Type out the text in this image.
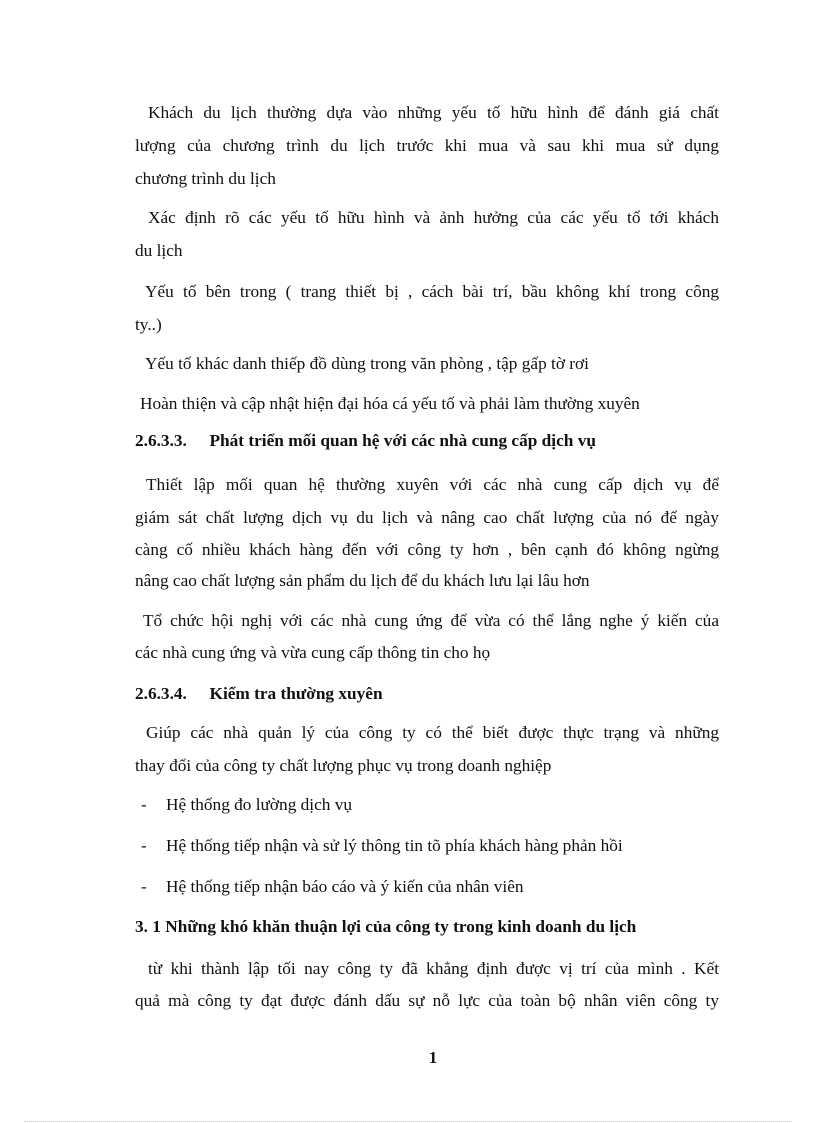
Khách du lịch thường dựa vào những yếu tố hữu hình để đánh giá chất
lượng của chương trình du lịch trước khi mua và sau khi mua sử dụng
chương trình du lịch
Xác định rõ các yếu tố hữu hình và ảnh hưởng của các yếu tố tới khách
du lịch
Yếu tố bên trong ( trang thiết bị , cách bài trí, bầu không khí trong công
ty..)
Yếu tố khác danh thiếp đồ dùng trong văn phòng , tập gấp tờ rơi
Hoàn thiện và cập nhật hiện đại hóa cá yếu tố và phải làm thường xuyên
2.6.3.3. Phát triển mối quan hệ với các nhà cung cấp dịch vụ
Thiết lập mối quan hệ thường xuyên với các nhà cung cấp dịch vụ để
giám sát chất lượng dịch vụ du lịch và nâng cao chất lượng của nó để ngày
càng cố nhiều khách hàng đến với công ty hơn , bên cạnh đó không ngừng
nâng cao chất lượng sản phẩm du lịch để du khách lưu lại lâu hơn
Tổ chức hội nghị với các nhà cung ứng để vừa có thể lắng nghe ý kiến của
các nhà cung ứng và vừa cung cấp thông tin cho họ
2.6.3.4. Kiểm tra thường xuyên
Giúp các nhà quản lý của công ty có thể biết được thực trạng và những
thay đổi của công ty chất lượng phục vụ trong doanh nghiệp
- Hệ thống đo lường dịch vụ
- Hệ thống tiếp nhận và sử lý thông tin tõ phía khách hàng phản hồi
- Hệ thống tiếp nhận báo cáo và ý kiến của nhân viên
3. 1 Những khó khăn thuận lợi của công ty trong kinh doanh du lịch
từ khi thành lập tối nay công ty đã khẳng định được vị trí của mình . Kết
quả mà công ty đạt được đánh dấu sự nỗ lực của toàn bộ nhân viên công ty
1
